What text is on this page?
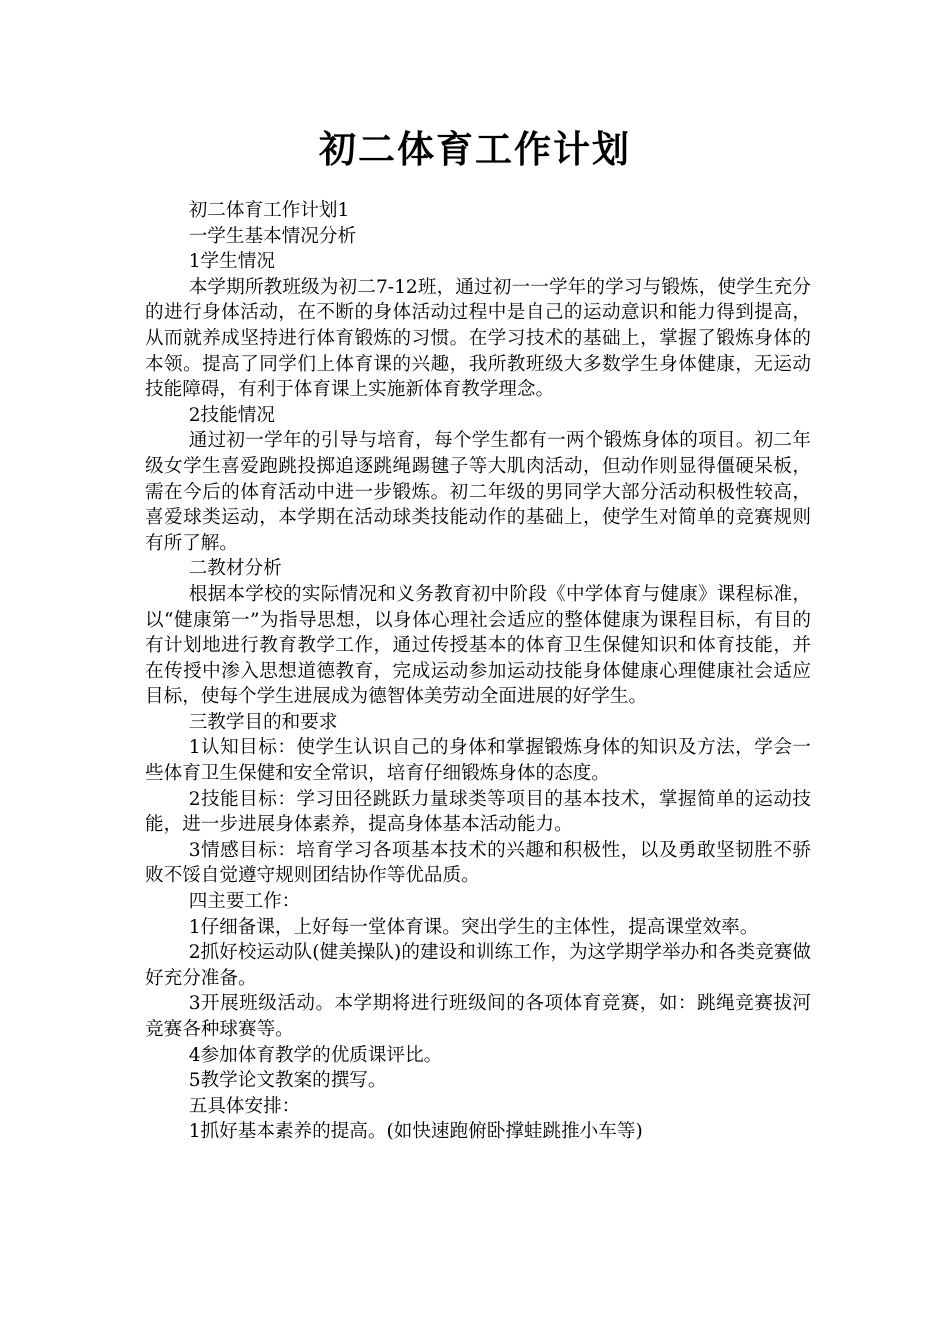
初二体育工作计划

初二体育工作计划1

一学生基本情况分析

1学生情况

本学期所教班级为初二7-12班，通过初一一学年的学习与锻炼，使学生充分的进行身体活动，在不断的身体活动过程中是自己的运动意识和能力得到提高，从而就养成坚持进行体育锻炼的习惯。在学习技术的基础上，掌握了锻炼身体的本领。提高了同学们上体育课的兴趣，我所教班级大多数学生身体健康，无运动技能障碍，有利于体育课上实施新体育教学理念。

2技能情况

通过初一学年的引导与培育，每个学生都有一两个锻炼身体的项目。初二年级女学生喜爱跑跳投掷追逐跳绳踢毽子等大肌肉活动，但动作则显得僵硬呆板，需在今后的体育活动中进一步锻炼。初二年级的男同学大部分活动积极性较高，喜爱球类运动，本学期在活动球类技能动作的基础上，使学生对简单的竞赛规则有所了解。

二教材分析

根据本学校的实际情况和义务教育初中阶段《中学体育与健康》课程标准，以“健康第一”为指导思想，以身体心理社会适应的整体健康为课程目标，有目的有计划地进行教育教学工作，通过传授基本的体育卫生保健知识和体育技能，并在传授中渗入思想道德教育，完成运动参加运动技能身体健康心理健康社会适应目标，使每个学生进展成为德智体美劳动全面进展的好学生。

三教学目的和要求

1认知目标：使学生认识自己的身体和掌握锻炼身体的知识及方法，学会一些体育卫生保健和安全常识，培育仔细锻炼身体的态度。

2技能目标：学习田径跳跃力量球类等项目的基本技术，掌握简单的运动技能，进一步进展身体素养，提高身体基本活动能力。

3情感目标：培育学习各项基本技术的兴趣和积极性，以及勇敢坚韧胜不骄败不馁自觉遵守规则团结协作等优品质。

四主要工作：

1仔细备课，上好每一堂体育课。突出学生的主体性，提高课堂效率。

2抓好校运动队(健美操队)的建设和训练工作，为这学期学举办和各类竞赛做好充分准备。

3开展班级活动。本学期将进行班级间的各项体育竞赛，如：跳绳竞赛拔河竞赛各种球赛等。

4参加体育教学的优质课评比。

5教学论文教案的撰写。

五具体安排：

1抓好基本素养的提高。(如快速跑俯卧撑蛙跳推小车等)
